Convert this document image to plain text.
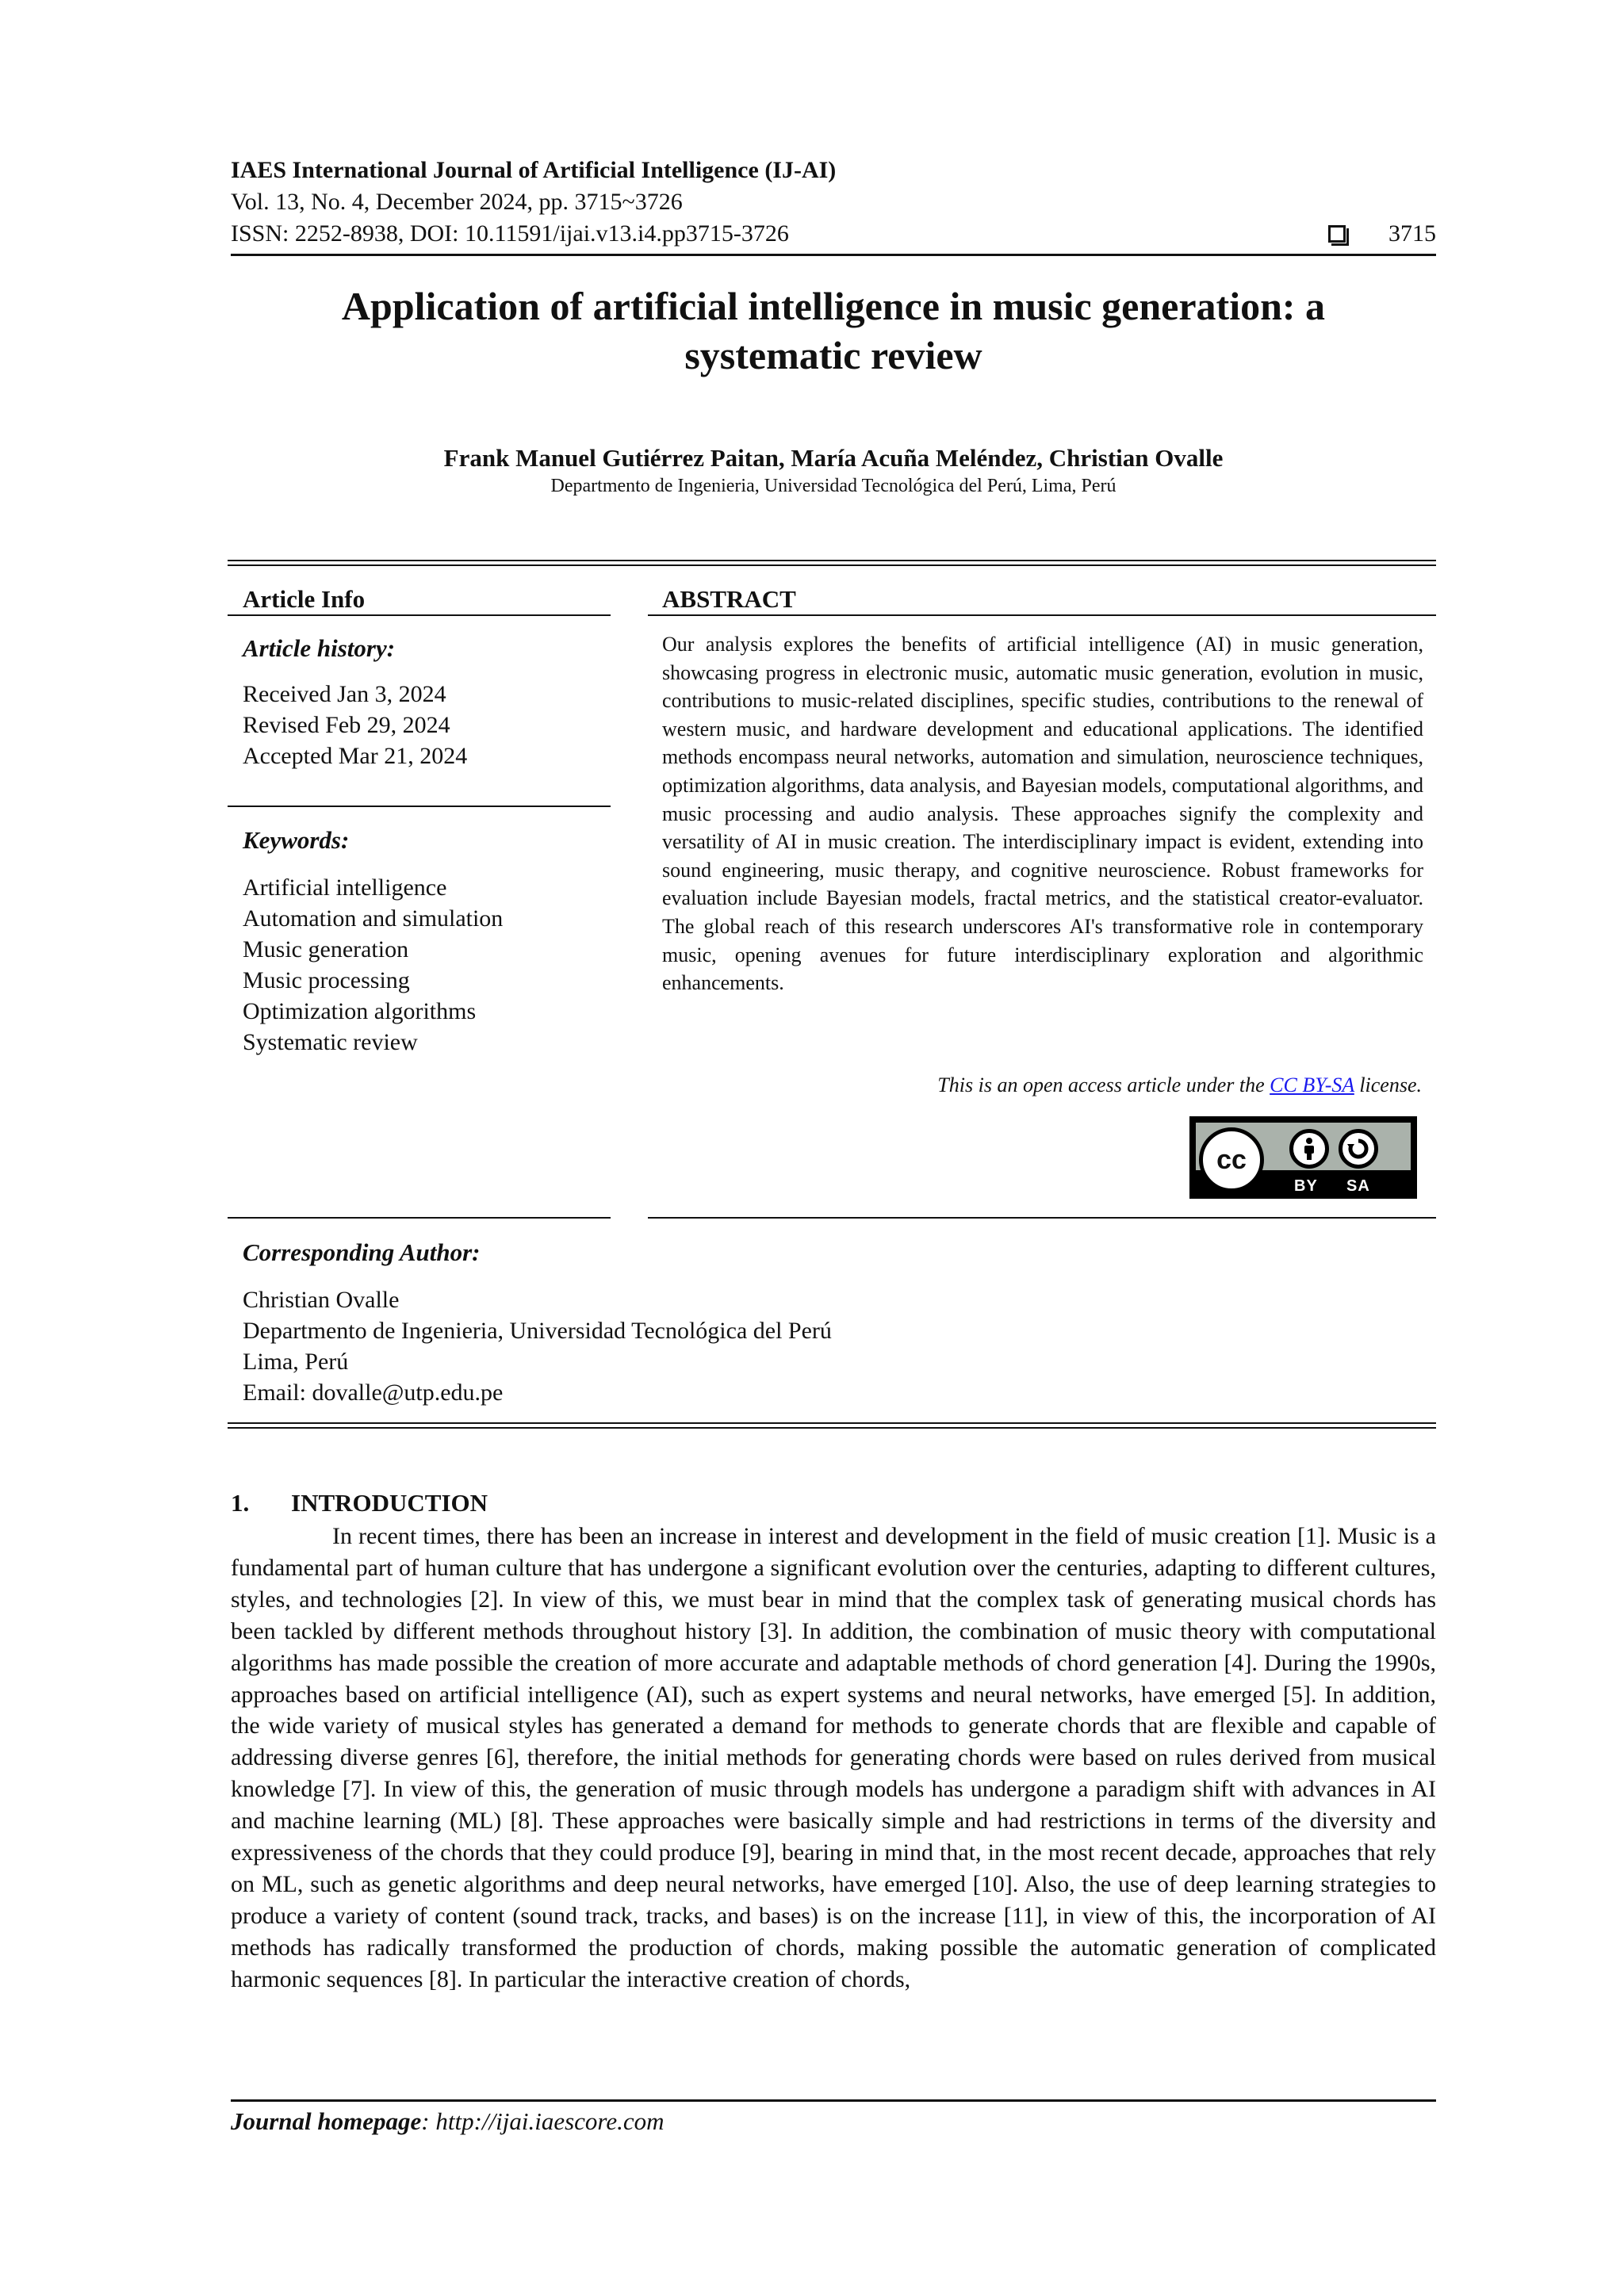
IAES International Journal of Artificial Intelligence (IJ-AI)
Vol. 13, No. 4, December 2024, pp. 3715~3726
ISSN: 2252-8938, DOI: 10.11591/ijai.v13.i4.pp3715-3726	3715
Application of artificial intelligence in music generation: a
systematic review
Frank Manuel Gutiérrez Paitan, María Acuña Meléndez, Christian Ovalle
Departmento de Ingenieria, Universidad Tecnológica del Perú, Lima, Perú
Article Info
Article history:
Received Jan 3, 2024
Revised Feb 29, 2024
Accepted Mar 21, 2024
Keywords:
Artificial intelligence
Automation and simulation
Music generation
Music processing
Optimization algorithms
Systematic review
ABSTRACT
Our analysis explores the benefits of artificial intelligence (AI) in music generation, showcasing progress in electronic music, automatic music generation, evolution in music, contributions to music-related disciplines, specific studies, contributions to the renewal of western music, and hardware development and educational applications. The identified methods encompass neural networks, automation and simulation, neuroscience techniques, optimization algorithms, data analysis, and Bayesian models, computational algorithms, and music processing and audio analysis. These approaches signify the complexity and versatility of AI in music creation. The interdisciplinary impact is evident, extending into sound engineering, music therapy, and cognitive neuroscience. Robust frameworks for evaluation include Bayesian models, fractal metrics, and the statistical creator-evaluator. The global reach of this research underscores AI's transformative role in contemporary music, opening avenues for future interdisciplinary exploration and algorithmic enhancements.
This is an open access article under the CC BY-SA license.
cc
BY SA
Corresponding Author:
Christian Ovalle
Departmento de Ingenieria, Universidad Tecnológica del Perú
Lima, Perú
Email: dovalle@utp.edu.pe
1. INTRODUCTION
In recent times, there has been an increase in interest and development in the field of music creation [1]. Music is a fundamental part of human culture that has undergone a significant evolution over the centuries, adapting to different cultures, styles, and technologies [2]. In view of this, we must bear in mind that the complex task of generating musical chords has been tackled by different methods throughout history [3]. In addition, the combination of music theory with computational algorithms has made possible the creation of more accurate and adaptable methods of chord generation [4]. During the 1990s, approaches based on artificial intelligence (AI), such as expert systems and neural networks, have emerged [5]. In addition, the wide variety of musical styles has generated a demand for methods to generate chords that are flexible and capable of addressing diverse genres [6], therefore, the initial methods for generating chords were based on rules derived from musical knowledge [7]. In view of this, the generation of music through models has undergone a paradigm shift with advances in AI and machine learning (ML) [8]. These approaches were basically simple and had restrictions in terms of the diversity and expressiveness of the chords that they could produce [9], bearing in mind that, in the most recent decade, approaches that rely on ML, such as genetic algorithms and deep neural networks, have emerged [10]. Also, the use of deep learning strategies to produce a variety of content (sound track, tracks, and bases) is on the increase [11], in view of this, the incorporation of AI methods has radically transformed the production of chords, making possible the automatic generation of complicated harmonic sequences [8]. In particular the interactive creation of chords,
Journal homepage: http://ijai.iaescore.com
